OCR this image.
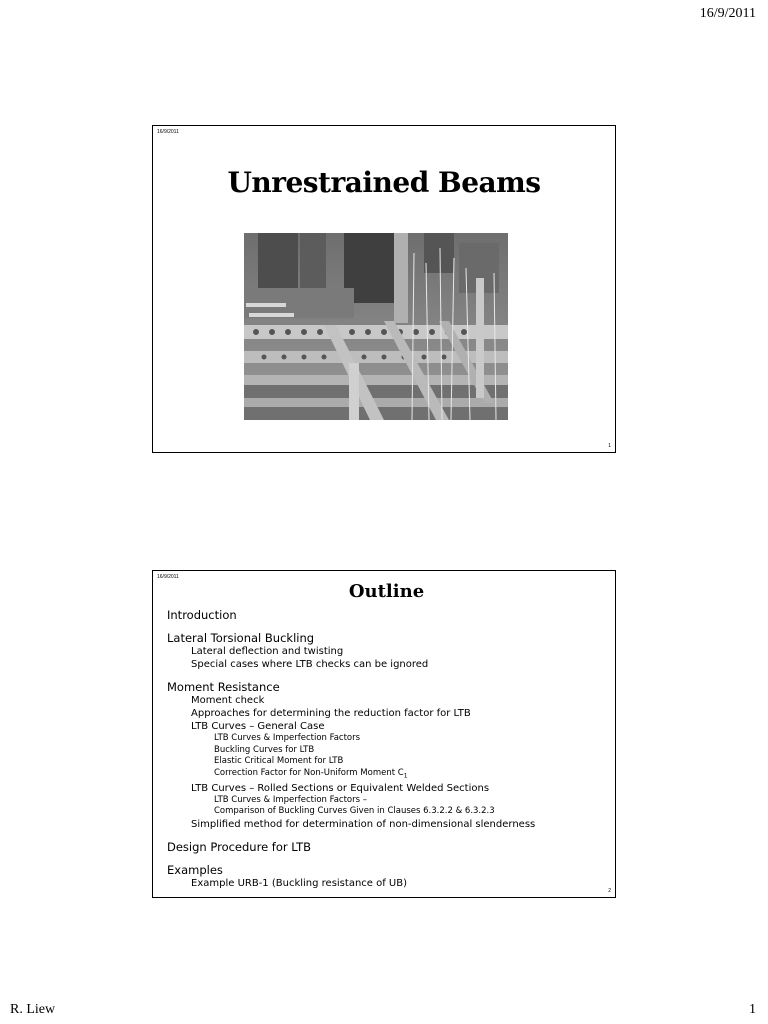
16/9/2011
16/9/2011
Unrestrained Beams
1
16/9/2011
Outline
Introduction
Lateral Torsional Buckling
Lateral deflection and twisting
Special cases where LTB checks can be ignored
Moment Resistance
Moment check
Approaches for determining the reduction factor for LTB
LTB Curves – General Case
LTB Curves & Imperfection Factors
Buckling Curves for LTB
Elastic Critical Moment for LTB
Correction Factor for Non-Uniform Moment $C_1$
LTB Curves – Rolled Sections or Equivalent Welded Sections
LTB Curves & Imperfection Factors –
Comparison of Buckling Curves Given in Clauses 6.3.2.2 & 6.3.2.3
Simplified method for determination of non-dimensional slenderness
Design Procedure for LTB
Examples
Example URB-1 (Buckling resistance of UB)
2
R. Liew	1
